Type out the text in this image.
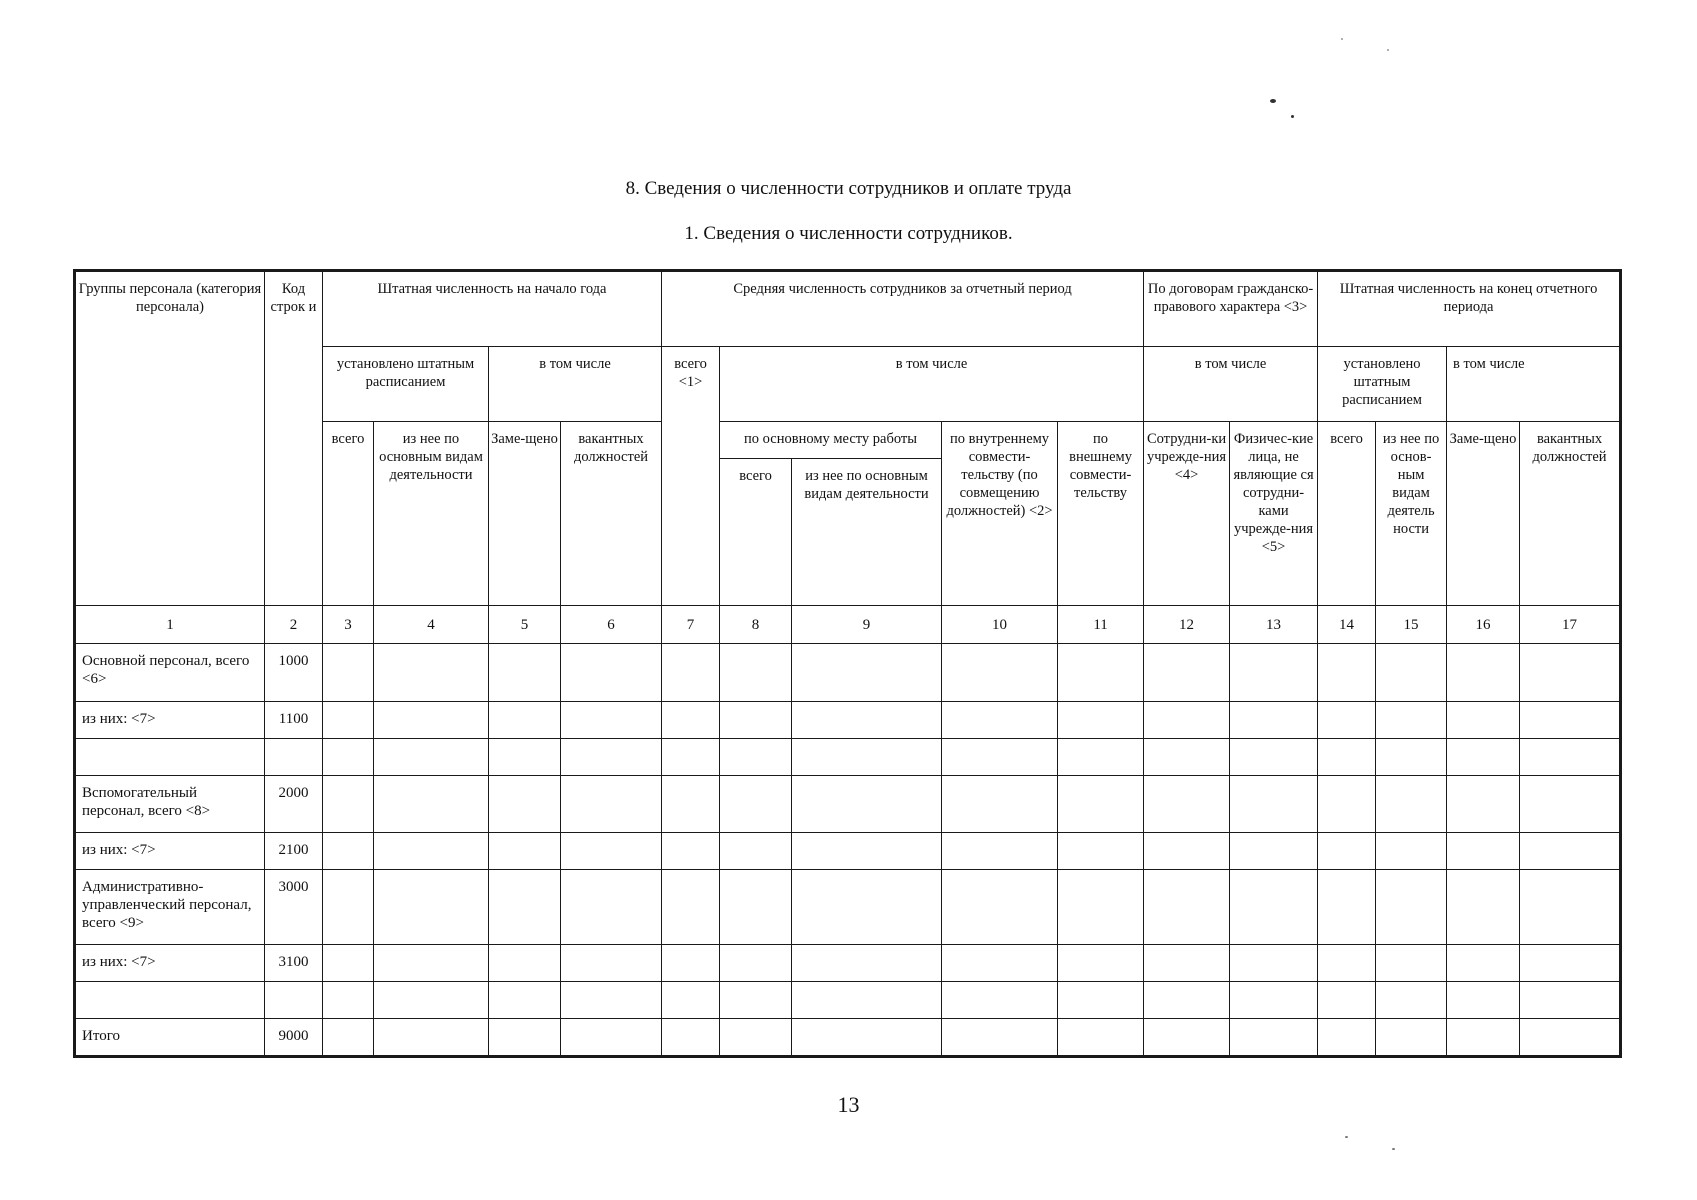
8. Сведения о численности сотрудников и оплате труда
1. Сведения о численности сотрудников.
Группы персонала (категория персонала)	Код строк и	Штатная численность на начало года				Средняя численность сотрудников за отчетный период					По договорам гражданско-правового характера <3>		Штатная численность на конец отчетного периода			
		установлено штатным расписанием		в том числе		всего <1>	в том числе				в том числе		установлено штатным расписанием		в том числе	
		всего	из нее по основным видам деятельности	Заме-щено	вакантных должностей		по основному месту работы		по внутреннему совмести-тельству (по совмещению должностей) <2>	по внешнему совмести-тельству	Сотрудни-ки учрежде-ния <4>	Физичес-кие лица, не являющие ся сотрудни-ками учрежде-ния <5>	всего	из нее по основ-ным видам деятель ности	Заме-щено	вакантных должностей
							всего	из нее по основным видам деятельности								
1	2	3	4	5	6	7	8	9	10	11	12	13	14	15	16	17
Основной персонал, всего <6>	1000															
из них: <7>	1100															

Вспомогательный персонал, всего <8>	2000															
из них: <7>	2100															
Административно-управленческий персонал, всего <9>	3000															
из них: <7>	3100															

Итого	9000															
13
